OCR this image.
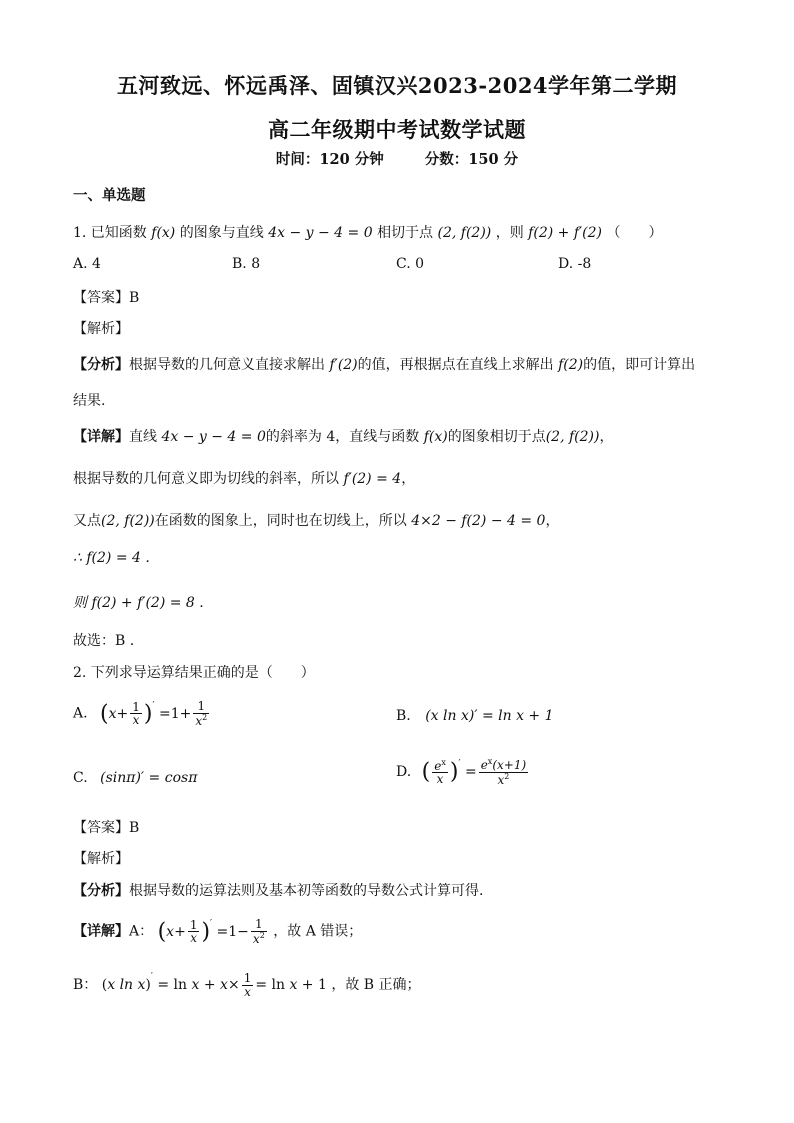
五河致远、怀远禹泽、固镇汉兴2023-2024学年第二学期
高二年级期中考试数学试题
时间：120 分钟	分数：150 分
一、单选题
1. 已知函数 f(x) 的图象与直线 4x − y − 4 = 0 相切于点 (2, f(2)) ，则 f(2) + f′(2) （　　）
A. 4	B. 8	C. 0	D. -8
【答案】B
【解析】
【分析】根据导数的几何意义直接求解出 f′(2)的值，再根据点在直线上求解出 f(2)的值，即可计算出
结果.
【详解】直线 4x − y − 4 = 0的斜率为 4，直线与函数 f(x)的图象相切于点(2, f(2))，
根据导数的几何意义即为切线的斜率，所以 f′(2) = 4，
又点(2, f(2))在函数的图象上，同时也在切线上，所以 4×2 − f(2) − 4 = 0，
∴ f(2) = 4 .
则 f(2) + f′(2) = 8 .
故选：B .
2. 下列求导运算结果正确的是（　　）
A. $(x+ \frac{1}{x} )' =1+ \frac{1}{x^2}$	B. (x ln x)′ = ln x + 1
C. (sinπ)′ = cosπ	D. ( $\frac{e^x}{x} )' = \frac{e^x(x+1)}{x^2}$
【答案】B
【解析】
【分析】根据导数的运算法则及基本初等函数的导数公式计算可得.
【详解】A： $(x+ \frac{1}{x} )' =1- \frac{1}{x^2}$ ，故 A 错误；
B： (x $\ln x)' = \ln x + x\times \frac{1}{x} = \ln x + 1$ ，故 B 正确；
